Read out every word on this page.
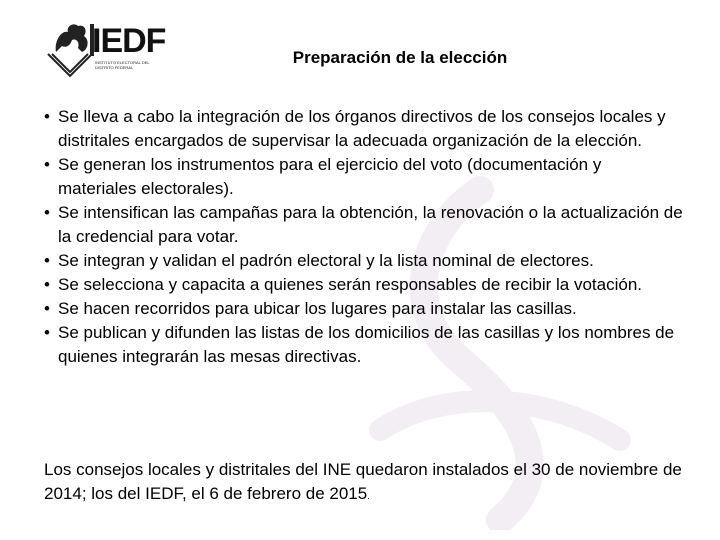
IEDF
INSTITUTO ELECTORAL DEL DISTRITO FEDERAL
Preparación de la elección
• Se lleva a cabo la integración de los órganos directivos de los consejos locales y distritales encargados de supervisar la adecuada organización de la elección.
• Se generan los instrumentos para el ejercicio del voto (documentación y materiales electorales).
• Se intensifican las campañas para la obtención, la renovación o la actualización de la credencial para votar.
• Se integran y validan el padrón electoral y la lista nominal de electores.
• Se selecciona y capacita a quienes serán responsables de recibir la votación.
• Se hacen recorridos para ubicar los lugares para instalar las casillas.
• Se publican y difunden las listas de los domicilios de las casillas y los nombres de quienes integrarán las mesas directivas.

Los consejos locales y distritales del INE quedaron instalados el 30 de noviembre de 2014; los del IEDF, el 6 de febrero de 2015.
